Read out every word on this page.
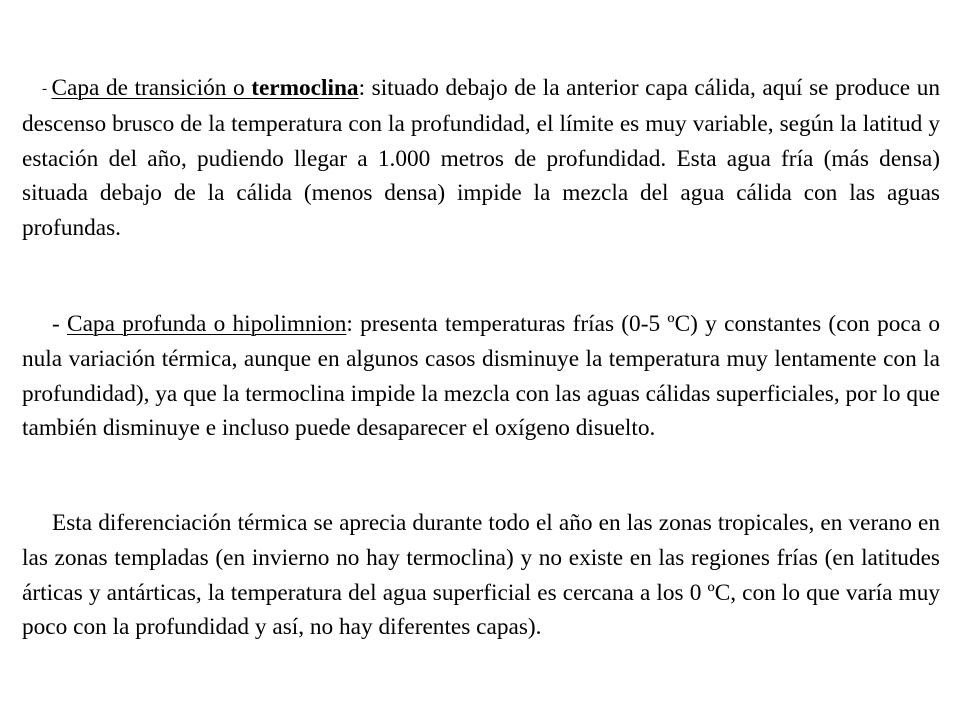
- Capa de transición o termoclina: situado debajo de la anterior capa cálida, aquí se produce un descenso brusco de la temperatura con la profundidad, el límite es muy variable, según la latitud y estación del año, pudiendo llegar a 1.000 metros de profundidad. Esta agua fría (más densa) situada debajo de la cálida (menos densa) impide la mezcla del agua cálida con las aguas profundas.

- Capa profunda o hipolimnion: presenta temperaturas frías (0-5 ºC) y constantes (con poca o nula variación térmica, aunque en algunos casos disminuye la temperatura muy lentamente con la profundidad), ya que la termoclina impide la mezcla con las aguas cálidas superficiales, por lo que también disminuye e incluso puede desaparecer el oxígeno disuelto.

Esta diferenciación térmica se aprecia durante todo el año en las zonas tropicales, en verano en las zonas templadas (en invierno no hay termoclina) y no existe en las regiones frías (en latitudes árticas y antárticas, la temperatura del agua superficial es cercana a los 0 ºC, con lo que varía muy poco con la profundidad y así, no hay diferentes capas).
